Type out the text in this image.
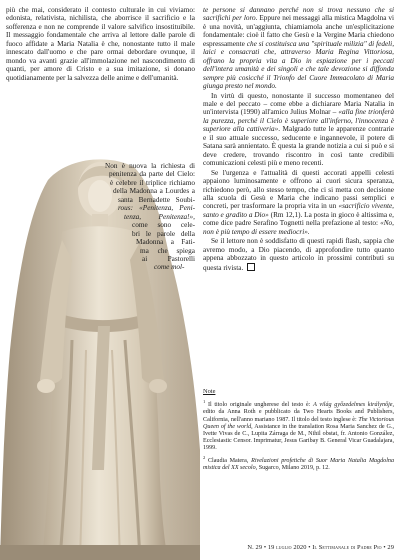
più che mai, considerato il contesto culturale in cui viviamo: edonista, relativista, nichilista, che aborrisce il sacrificio e la sofferenza e non ne comprende il valore salvifico insostituibile. Il messaggio fondamentale che arriva al lettore dalle parole di fuoco affidate a Maria Natalia è che, nonostante tutto il male innescato dall'uomo e che pare ormai debordare ovunque, il mondo va avanti grazie all'immolazione nel nascondimento di quanti, per amore di Cristo e a sua imitazione, si donano quotidianamente per la salvezza delle anime e dell'umanità.

Non è nuova la richiesta di
penitenza da parte del Cielo:
è celebre il triplice richiamo
della Madonna a Lourdes a
santa Bernadette Soubi-
rous: «Penitenza, Peni-
tenza, Penitenza!»,
come sono cele-
bri le parole della
Madonna a Fati-
ma che spiega
ai Pastorelli
come mol-

te persone si dannano perché non si trova nessuno che si sacrifichi per loro. Eppure nei messaggi alla mistica Magdolna vi è una novità, un'aggiunta, chiamiamola anche un'esplicitazione fondamentale: cioè il fatto che Gesù e la Vergine Maria chiedono espressamente che si costituisca una "spirituale milizia" di fedeli, laici e consacrati che, attraverso Maria Regina Vittoriosa, offrano la propria vita a Dio in espiazione per i peccati dell'intera umanità e dei singoli e che tale devozione si diffonda sempre più cosicché il Trionfo del Cuore Immacolato di Maria giunga presto nel mondo.

In virtù di questo, nonostante il successo momentaneo del male e del peccato – come ebbe a dichiarare Maria Natalia in un'intervista (1990) all'amico Julius Molnar – «alla fine trionferà la purezza, perché il Cielo è superiore all'inferno, l'innocenza è superiore alla cattiveria». Malgrado tutte le apparenze contrarie e il suo attuale successo, seducente e ingannevole, il potere di Satana sarà annientato. È questa la grande notizia a cui si può e si deve credere, trovando riscontro in così tante credibili comunicazioni celesti più e meno recenti.

Se l'urgenza e l'attualità di questi accorati appelli celesti appaiono luminosamente e offrono ai cuori sicura speranza, richiedono però, allo stesso tempo, che ci si metta con decisione alla scuola di Gesù e Maria che indicano passi semplici e concreti, per trasformare la propria vita in un «sacrificio vivente, santo e gradito a Dio» (Rm 12,1). La posta in gioco è altissima e, come dice padre Serafino Tognetti nella prefazione al testo: «No, non è più tempo di essere mediocri».

Se il lettore non è soddisfatto di questi rapidi flash, sappia che avremo modo, a Dio piacendo, di approfondire tutto quanto appena abbozzato in questo articolo in prossimi contributi su questa rivista.

Note

$^1$ Il titolo originale ungherese del testo è: A világ győzedelmes királynője, edito da Anna Roth e pubblicato da Two Hearts Books and Publishers, California, nell'anno mariano 1987. Il titolo del testo inglese è: The Victorious Queen of the world, Assistance in the translation Rosa Maria Sanchez de G., Ivette Vivas de C., Lupita Zárraga de M., Nihil obstat, fr. Antonio González, Ecclesiastic Censor. Imprimatur, Jesus Garibay B. General Vicar Guadalajara, 1999.

$^2$ Claudia Matera, Rivelazioni profetiche di Suor Maria Natalia Magdolna mistica del XX secolo, Sugarco, Milano 2019, p. 12.

N. 29 • 19 luglio 2020 • Il Settimanale di Padre Pio • 29
